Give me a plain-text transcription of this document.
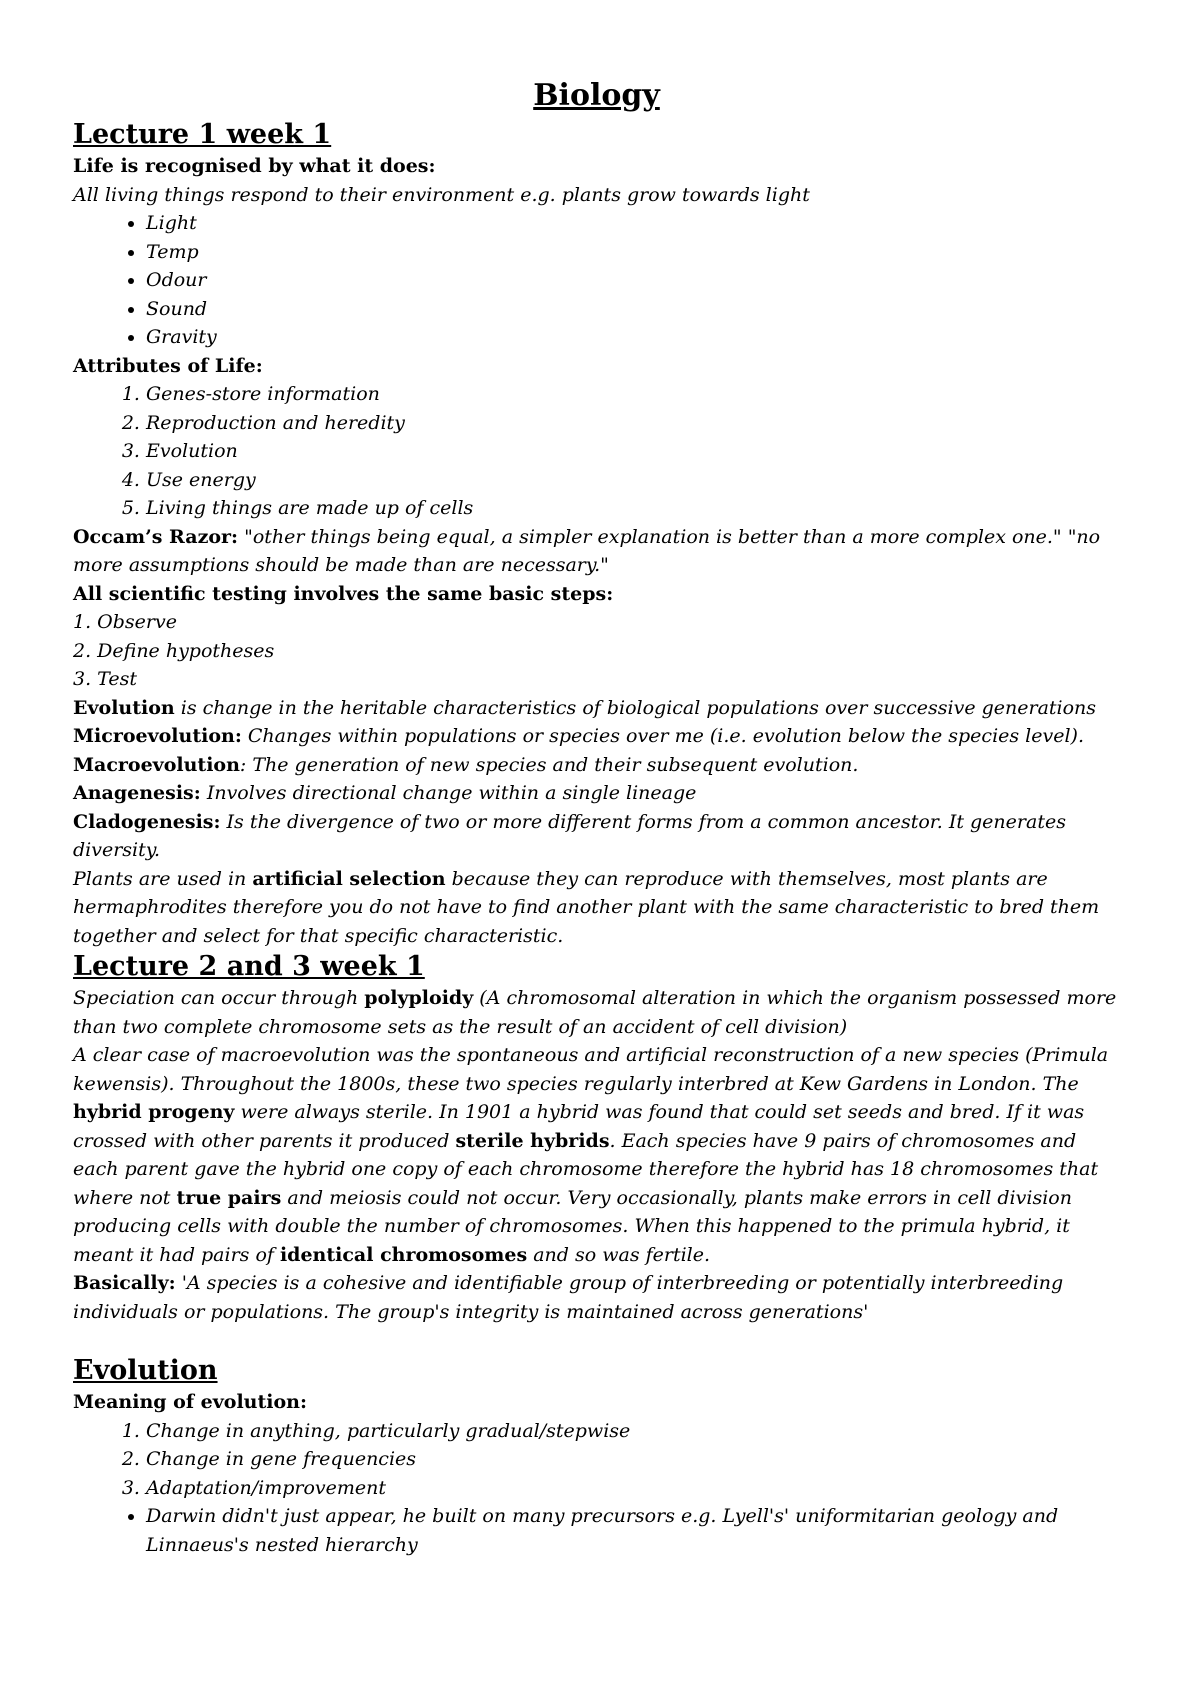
Biology
Lecture 1 week 1

Life is recognised by what it does:

All living things respond to their environment e.g. plants grow towards light

• Light
• Temp
• Odour
• Sound
• Gravity

Attributes of Life:

1. Genes-store information
2. Reproduction and heredity
3. Evolution
4. Use energy
5. Living things are made up of cells

Occam’s Razor: "other things being equal, a simpler explanation is better than a more complex one." "no more assumptions should be made than are necessary."

All scientific testing involves the same basic steps:

1. Observe

2. Define hypotheses

3. Test

Evolution is change in the heritable characteristics of biological populations over successive generations

Microevolution: Changes within populations or species over me (i.e. evolution below the species level).

Macroevolution: The generation of new species and their subsequent evolution.

Anagenesis: Involves directional change within a single lineage

Cladogenesis: Is the divergence of two or more different forms from a common ancestor. It generates diversity.

Plants are used in artificial selection because they can reproduce with themselves, most plants are hermaphrodites therefore you do not have to find another plant with the same characteristic to bred them together and select for that specific characteristic.

Lecture 2 and 3 week 1

Speciation can occur through polyploidy (A chromosomal alteration in which the organism possessed more than two complete chromosome sets as the result of an accident of cell division)

A clear case of macroevolution was the spontaneous and artificial reconstruction of a new species (Primula kewensis). Throughout the 1800s, these two species regularly interbred at Kew Gardens in London. The hybrid progeny were always sterile. In 1901 a hybrid was found that could set seeds and bred. If it was crossed with other parents it produced sterile hybrids. Each species have 9 pairs of chromosomes and each parent gave the hybrid one copy of each chromosome therefore the hybrid has 18 chromosomes that where not true pairs and meiosis could not occur. Very occasionally, plants make errors in cell division producing cells with double the number of chromosomes. When this happened to the primula hybrid, it meant it had pairs of identical chromosomes and so was fertile.

Basically: 'A species is a cohesive and identifiable group of interbreeding or potentially interbreeding individuals or populations. The group's integrity is maintained across generations'

Evolution

Meaning of evolution:

1. Change in anything, particularly gradual/stepwise
2. Change in gene frequencies
3. Adaptation/improvement
• Darwin didn't just appear, he built on many precursors e.g. Lyell's' uniformitarian geology and Linnaeus's nested hierarchy
